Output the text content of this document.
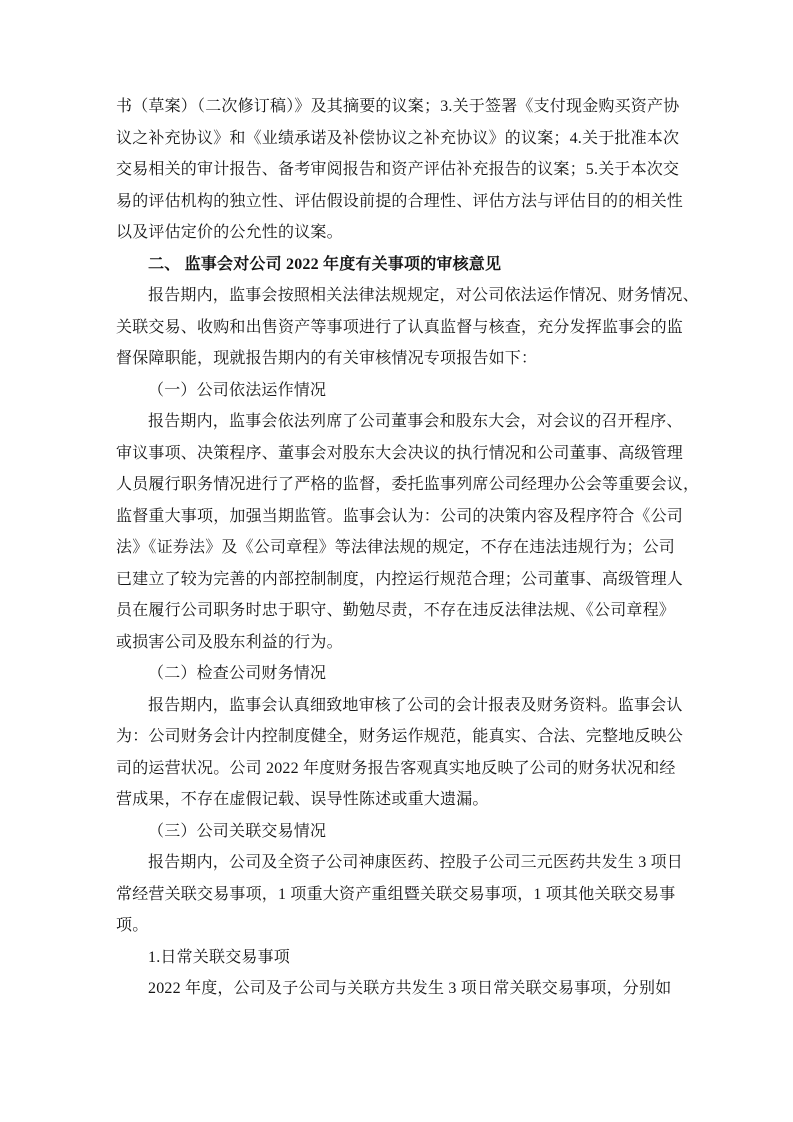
书（草案）（二次修订稿）》及其摘要的议案；3.关于签署《支付现金购买资产协
议之补充协议》和《业绩承诺及补偿协议之补充协议》的议案；4.关于批准本次
交易相关的审计报告、备考审阅报告和资产评估补充报告的议案；5.关于本次交
易的评估机构的独立性、评估假设前提的合理性、评估方法与评估目的的相关性
以及评估定价的公允性的议案。
二、 监事会对公司 2022 年度有关事项的审核意见
报告期内，监事会按照相关法律法规规定，对公司依法运作情况、财务情况、
关联交易、收购和出售资产等事项进行了认真监督与核查，充分发挥监事会的监
督保障职能，现就报告期内的有关审核情况专项报告如下：
（一）公司依法运作情况
报告期内，监事会依法列席了公司董事会和股东大会，对会议的召开程序、
审议事项、决策程序、董事会对股东大会决议的执行情况和公司董事、高级管理
人员履行职务情况进行了严格的监督，委托监事列席公司经理办公会等重要会议，
监督重大事项，加强当期监管。监事会认为：公司的决策内容及程序符合《公司
法》《证券法》及《公司章程》等法律法规的规定，不存在违法违规行为；公司
已建立了较为完善的内部控制制度，内控运行规范合理；公司董事、高级管理人
员在履行公司职务时忠于职守、勤勉尽责，不存在违反法律法规、《公司章程》
或损害公司及股东利益的行为。
（二）检查公司财务情况
报告期内，监事会认真细致地审核了公司的会计报表及财务资料。监事会认
为：公司财务会计内控制度健全，财务运作规范，能真实、合法、完整地反映公
司的运营状况。公司 2022 年度财务报告客观真实地反映了公司的财务状况和经
营成果，不存在虚假记载、误导性陈述或重大遗漏。
（三）公司关联交易情况
报告期内，公司及全资子公司神康医药、控股子公司三元医药共发生 3 项日
常经营关联交易事项，1 项重大资产重组暨关联交易事项，1 项其他关联交易事
项。
1.日常关联交易事项
2022 年度，公司及子公司与关联方共发生 3 项日常关联交易事项，分别如
